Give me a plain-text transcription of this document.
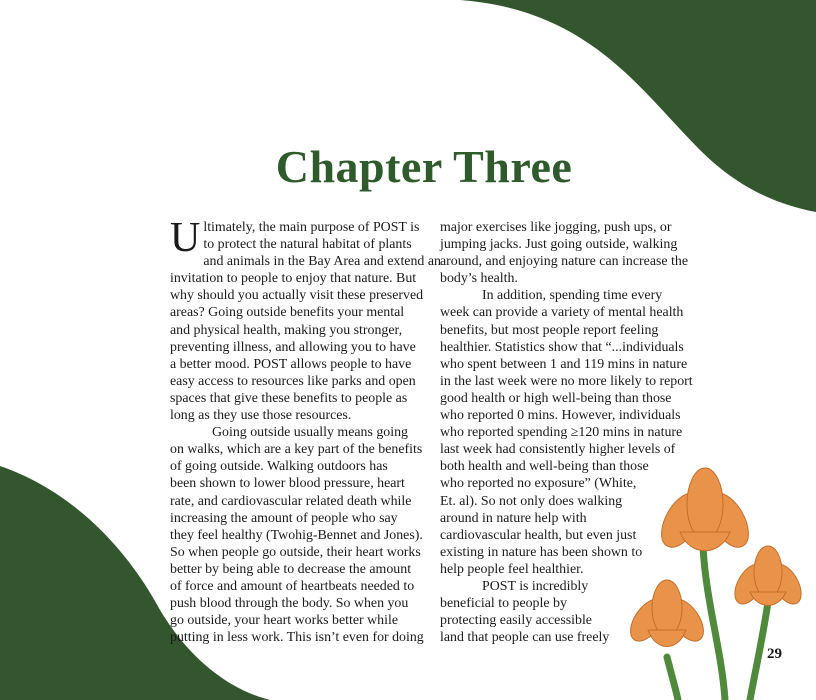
Chapter Three
U ltimately, the main purpose of POST is
to protect the natural habitat of plants
and animals in the Bay Area and extend an
invitation to people to enjoy that nature. But
why should you actually visit these preserved
areas? Going outside benefits your mental
and physical health, making you stronger,
preventing illness, and allowing you to have
a better mood. POST allows people to have
easy access to resources like parks and open
spaces that give these benefits to people as
long as they use those resources.
Going outside usually means going
on walks, which are a key part of the benefits
of going outside. Walking outdoors has
been shown to lower blood pressure, heart
rate, and cardiovascular related death while
increasing the amount of people who say
they feel healthy (Twohig-Bennet and Jones).
So when people go outside, their heart works
better by being able to decrease the amount
of force and amount of heartbeats needed to
push blood through the body. So when you
go outside, your heart works better while
putting in less work. This isn’t even for doing
major exercises like jogging, push ups, or
jumping jacks. Just going outside, walking
around, and enjoying nature can increase the
body’s health.
In addition, spending time every
week can provide a variety of mental health
benefits, but most people report feeling
healthier. Statistics show that “...individuals
who spent between 1 and 119 mins in nature
in the last week were no more likely to report
good health or high well-being than those
who reported 0 mins. However, individuals
who reported spending ≥120 mins in nature
last week had consistently higher levels of
both health and well-being than those
who reported no exposure” (White,
Et. al). So not only does walking
around in nature help with
cardiovascular health, but even just
existing in nature has been shown to
help people feel healthier.
POST is incredibly
beneficial to people by
protecting easily accessible
land that people can use freely
29
